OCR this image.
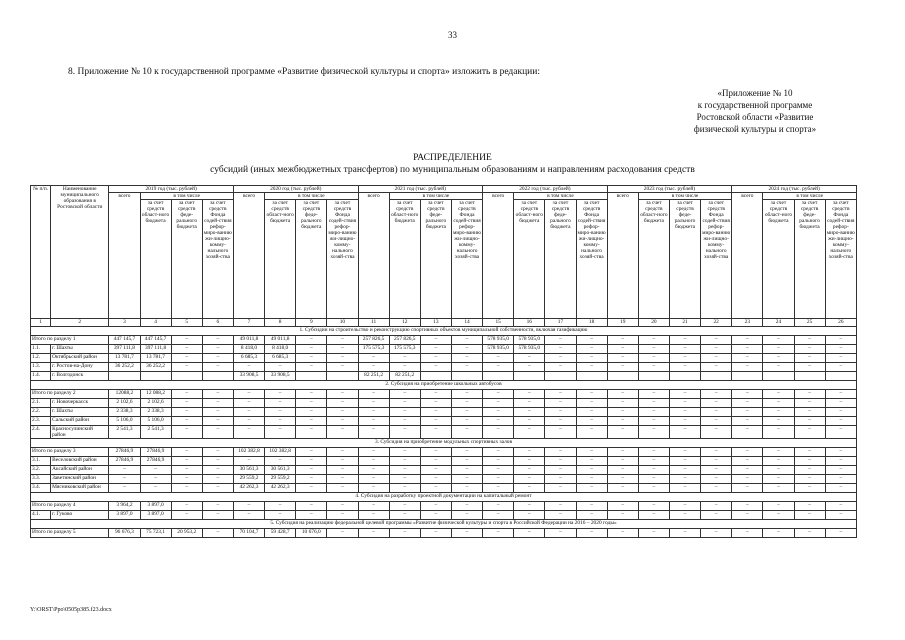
33
8. Приложение № 10 к государственной программе «Развитие физической культуры и спорта» изложить в редакции:
«Приложение № 10
к государственной программе
Ростовской области «Развитие
физической культуры и спорта»
РАСПРЕДЕЛЕНИЕ
субсидий (иных межбюджетных трансфертов) по муниципальным образованиям и направлениям расходования средств
№ п/п.	Наименование муниципального образования в Ростовской области	2019 год (тыс. рублей)				2020 год (тыс. рублей)				2021 год (тыс. рублей)				2022 год (тыс. рублей)				2023 год (тыс. рублей)				2024 год (тыс. рублей)			
		всего	в том числе			всего	в том числе			всего	в том числе			всего	в том числе			всего	в том числе			всего	в том числе		
			за счет средств област-ного бюджета	за счет средств феде-рального бюджета	за счет средств Фонда содей-ствия рефор-миро-ванию жи-лищно-комму-нального хозяй-ства		за счет средств област-ного бюджета	за счет средств феде-рального бюджета	за счет средств Фонда содей-ствия рефор-миро-ванию жи-лищно-комму-нального хозяй-ства		за счет средств област-ного бюджета	за счет средств феде-рального бюджета	за счет средств Фонда содей-ствия рефор-миро-ванию жи-лищно-комму-нального хозяй-ства		за счет средств област-ного бюджета	за счет средств феде-рального бюджета	за счет средств Фонда содей-ствия рефор-миро-ванию жи-лищно-комму-нального хозяй-ства		за счет средств област-ного бюджета	за счет средств феде-рального бюджета	за счет средств Фонда содей-ствия рефор-миро-ванию жи-лищно-комму-нального хозяй-ства		за счет средств област-ного бюджета	за счет средств феде-рального бюджета	за счет средств Фонда содей-ствия рефор-миро-ванию жи-лищно-комму-нального хозяй-ства
1	2	3	4	5	6	7	8	9	10	11	12	13	14	15	16	17	18	19	20	21	22	23	24	25	26
1. Субсидии на строительство и реконструкцию спортивных объектов муниципальной собственности, включая газификацию																									
Итого по разделу 1		447 145,7	447 145,7	–	–	49 011,8	49 011,8	–	–	257 826,5	257 826,5	–	–	578 935,0	578 935,0	–	–	–	–	–	–	–	–	–	–
1.1.	г. Шахты	397 111,8	397 111,8	–	–	8 418,0	8 418,0	–	–	175 575,3	175 575,3	–	–	578 935,0	578 935,0	–	–	–	–	–	–	–	–	–	–
1.2.	Октябрьский район	13 781,7	13 781,7	–	–	6 685,3	6 685,3	–	–	–	–	–	–	–	–	–	–	–	–	–	–	–	–	–	–
1.3.	г. Ростов-на-Дону	36 252,2	36 252,2	–	–	–	–	–	–	–	–	–	–	–	–	–	–	–	–	–	–	–	–	–	–
1.4.	г. Волгодонск					33 908,5	33 908,5			82 251,2	82 251,2														
2. Субсидия на приобретение школьных автобусов																									
Итого по разделу 2		12088,2	12 088,2	–	–	–	–	–	–	–	–	–	–	–	–	–	–	–	–	–	–	–	–	–	–
2.1.	г. Новочеркасск	2 102,6	2 102,6	–	–	–	–	–	–	–	–	–	–	–	–	–	–	–	–	–	–	–	–	–	–
2.2.	г. Шахты	2 338,3	2 338,3	–	–	–	–	–	–	–	–	–	–	–	–	–	–	–	–	–	–	–	–	–	–
2.3.	Сальский район	5 106,0	5 106,0	–	–	–	–	–	–	–	–	–	–	–	–	–	–	–	–	–	–	–	–	–	–
2.4.	Красносулинский район	2 541,3	2 541,3	–	–	–	–	–	–	–	–	–	–	–	–	–	–	–	–	–	–	–	–	–	–
3. Субсидия на приобретение модульных спортивных залов																									
Итого по разделу 3		27846,9	27846,9	–	–	102 382,8	102 382,8	–	–	–	–	–	–	–	–	–	–	–	–	–	–	–	–	–	–
3.1.	Веселовский район	27846,9	27846,9	–	–	–	–	–	–	–	–	–	–	–	–	–	–	–	–	–	–	–	–	–	–
3.2.	Аксайский район	–	–	–	–	30 561,3	30 561,3	–	–	–	–	–	–	–	–	–	–	–	–	–	–	–	–	–	–
3.3.	Заветинский район	–	–	–	–	29 559,2	29 559,2	–	–	–	–	–	–	–	–	–	–	–	–	–	–	–	–	–	–
3.4.	Мясниковский район	–	–	–	–	42 262,3	42 262,3	–	–	–	–	–	–	–	–	–	–	–	–	–	–	–	–	–	–
4. Субсидия на разработку проектной документации на капитальный ремонт																									
Итого по разделу 4		3 964,2	3 897,0	–	–	–	–	–	–	–	–	–	–	–	–	–	–	–	–	–	–	–	–	–	–
4.1.	г. Гуково	3 897,0	3 897,0	–	–	–	–	–	–	–	–	–	–	–	–	–	–	–	–	–	–	–	–	–	–
5. Субсидия на реализацию федеральной целевой программы «Развитие физической культуры и спорта в Российской Федерации на 2016 – 2020 годы»																									
Итого по разделу 5		96 676,3	75 723,1	20 953,2	–	70 104,7	59 428,7	10 676,0	–	–	–	–	–	–	–	–	–	–	–	–	–	–	–	–	–
Y:\ORST\Ppo\0505p385.f23.docx
